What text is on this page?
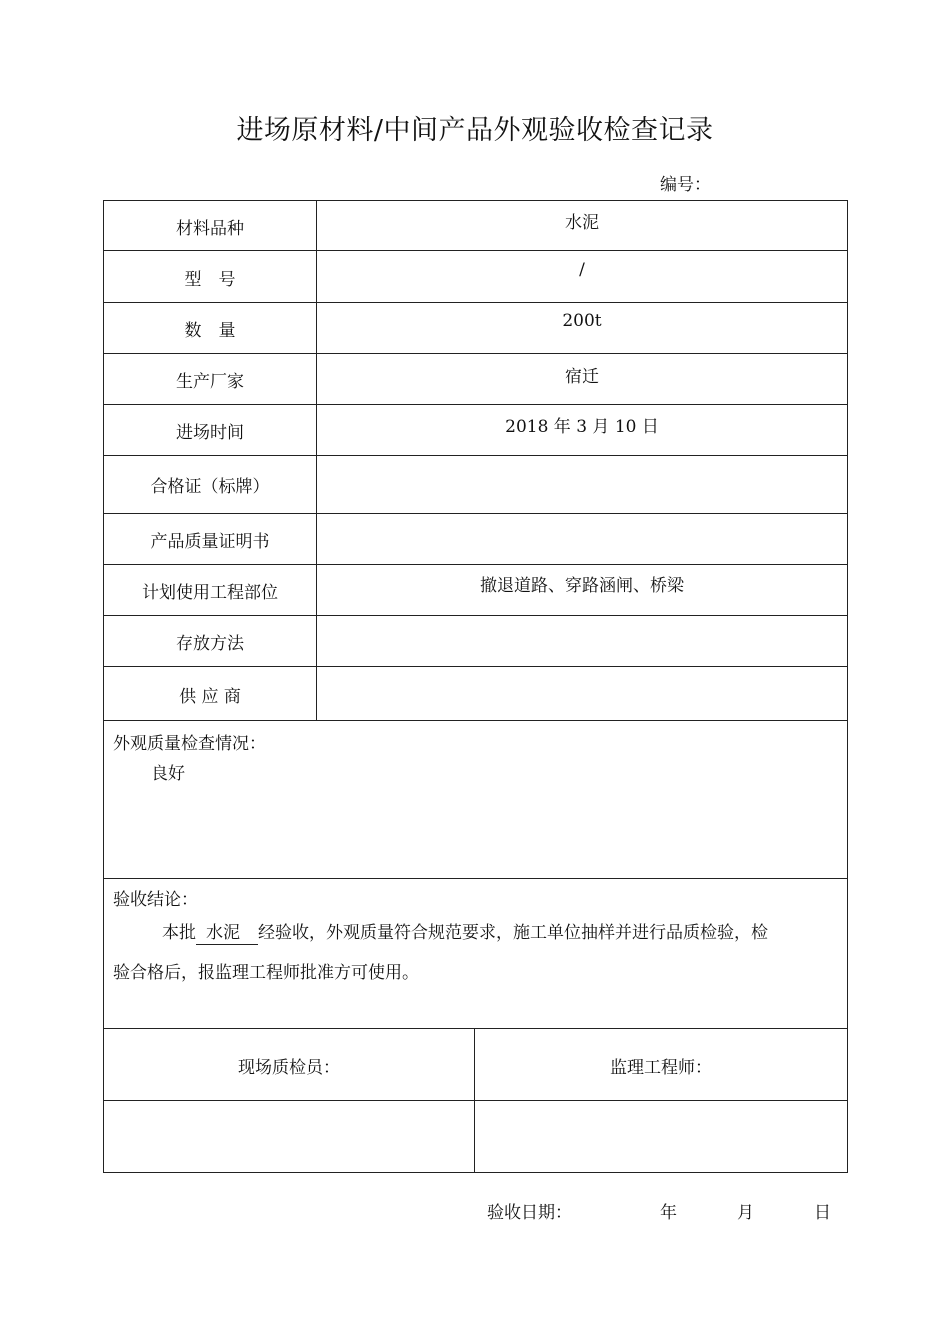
进场原材料/中间产品外观验收检查记录
编号：
材料品种	水泥
型　号	/
数　量	200t
生产厂家	宿迁
进场时间	2018 年 3 月 10 日
合格证（标牌）
产品质量证明书
计划使用工程部位	撤退道路、穿路涵闸、桥梁
存放方法
供 应 商
外观质量检查情况：
良好
验收结论：
本批 水泥 经验收，外观质量符合规范要求，施工单位抽样并进行品质检验，检
验合格后，报监理工程师批准方可使用。
现场质检员：	监理工程师：
验收日期：	年	月	日
